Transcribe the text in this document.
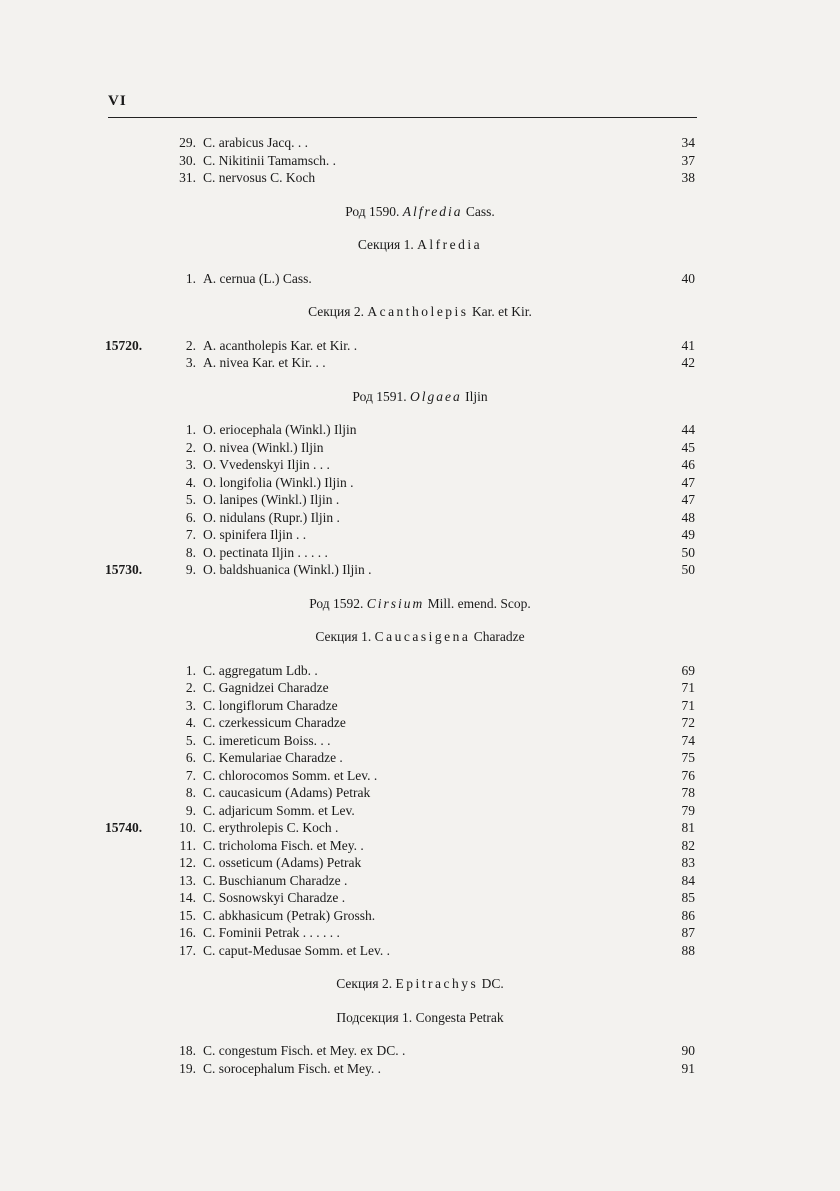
VI
29. C. arabicus Jacq. . .	34
30. C. Nikitinii Tamamsch. .	37
31. C. nervosus C. Koch	38
Род 1590. Alfredia Cass.
Секция 1. Alfredia
1. A. cernua (L.) Cass.	40
Секция 2. Acantholepis Kar. et Kir.
15720.	2. A. acantholepis Kar. et Kir. .	41
3. A. nivea Kar. et Kir. . .	42
Род 1591. Olgaea Iljin
1. O. eriocephala (Winkl.) Iljin	44
2. O. nivea (Winkl.) Iljin	45
3. O. Vvedenskyi Iljin . . .	46
4. O. longifolia (Winkl.) Iljin .	47
5. O. lanipes (Winkl.) Iljin .	47
6. O. nidulans (Rupr.) Iljin .	48
7. O. spinifera Iljin . .	49
8. O. pectinata Iljin . . . . .	50
15730.	9. O. baldshuanica (Winkl.) Iljin .	50
Род 1592. Cirsium Mill. emend. Scop.
Секция 1. Caucasigena Charadze
1. C. aggregatum Ldb. .	69
2. C. Gagnidzei Charadze	71
3. C. longiflorum Charadze	71
4. C. czerkessicum Charadze	72
5. C. imereticum Boiss. . .	74
6. C. Kemulariae Charadze .	75
7. C. chlorocomos Somm. et Lev. .	76
8. C. caucasicum (Adams) Petrak	78
9. C. adjaricum Somm. et Lev.	79
15740.	10. C. erythrolepis C. Koch .	81
11. C. tricholoma Fisch. et Mey. .	82
12. C. osseticum (Adams) Petrak	83
13. C. Buschianum Charadze .	84
14. C. Sosnowskyi Charadze .	85
15. C. abkhasicum (Petrak) Grossh.	86
16. C. Fominii Petrak . . . . . .	87
17. C. caput-Medusae Somm. et Lev. .	88
Секция 2. Epitrachys DC.
Подсекция 1. Congesta Petrak
18. C. congestum Fisch. et Mey. ex DC. .	90
19. C. sorocephalum Fisch. et Mey. .	91
